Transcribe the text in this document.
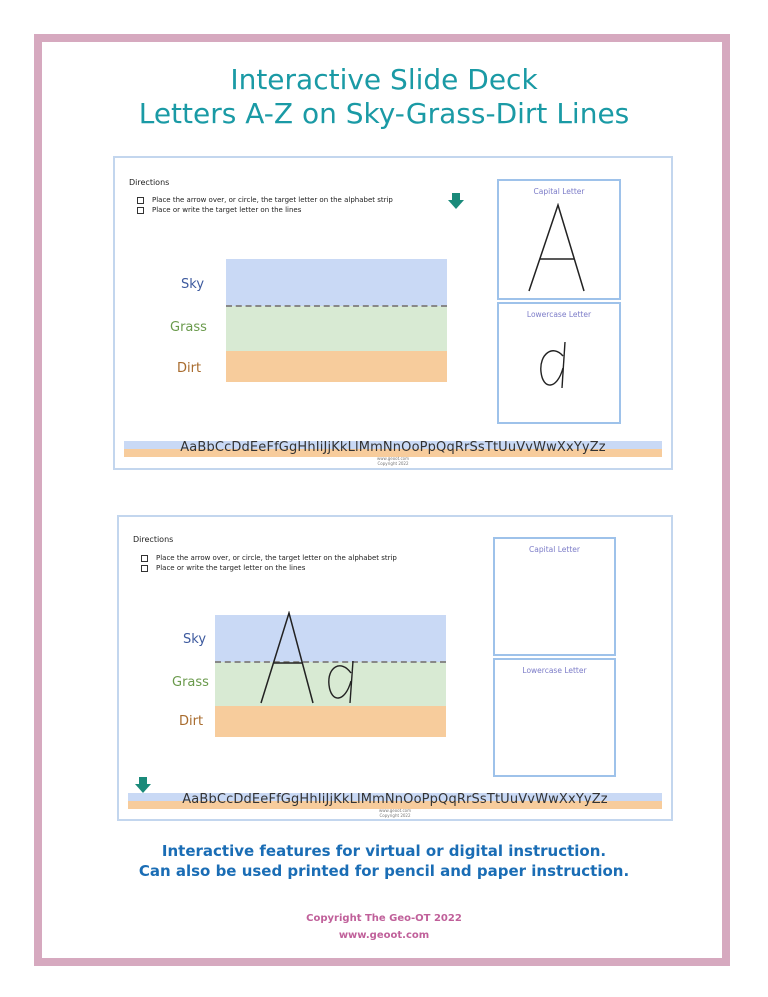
Interactive Slide Deck
Letters A-Z on Sky-Grass-Dirt Lines
Directions
Place the arrow over, or circle, the target letter on the alphabet strip
Place or write the target letter on the lines
Sky
Grass
Dirt
Capital Letter
Lowercase Letter
AaBbCcDdEeFfGgHhIiJjKkLlMmNnOoPpQqRrSsTtUuVvWwXxYyZz
www.geoot.com
Copyright 2022
Directions
Place the arrow over, or circle, the target letter on the alphabet strip
Place or write the target letter on the lines
Sky
Grass
Dirt
Capital Letter
Lowercase Letter
AaBbCcDdEeFfGgHhIiJjKkLlMmNnOoPpQqRrSsTtUuVvWwXxYyZz
www.geoot.com
Copyright 2022
Interactive features for virtual or digital instruction.
Can also be used printed for pencil and paper instruction.
Copyright The Geo-OT 2022
www.geoot.com
